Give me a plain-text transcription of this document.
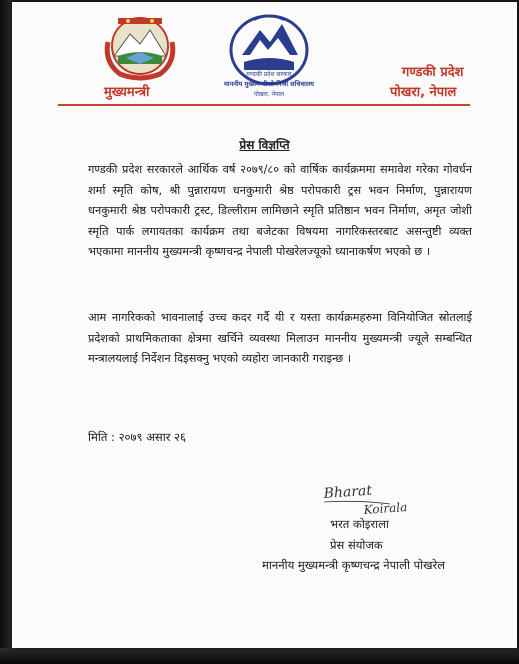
गण्डकी प्रदेश सरकार
माननीय मुख्यमन्त्रीको निजी सचिवालय
पोखरा, नेपाल
मुख्यमन्त्री
गण्डकी प्रदेश
पोखरा, नेपाल
प्रेस विज्ञप्ति
गण्डकी प्रदेश सरकारले आर्थिक वर्ष २०७९/८० को वार्षिक कार्यक्रममा समावेश गरेका गोवर्धन शर्मा स्मृति कोष, श्री पुन्नारायण धनकुमारी श्रेष्ठ परोपकारी ट्रस भवन निर्माण, पुन्नारायण धनकुमारी श्रेष्ठ परोपकारी ट्रस्ट, डिल्लीराम लामिछाने स्मृति प्रतिष्ठान भवन निर्माण, अमृत जोशी स्मृति पार्क लगायतका कार्यक्रम तथा बजेटका विषयमा नागरिकस्तरबाट असन्तुष्टी व्यक्त भएकामा माननीय मुख्यमन्त्री कृष्णचन्द्र नेपाली पोखरेलज्यूको ध्यानाकर्षण भएको छ ।
आम नागरिकको भावनालाई उच्च कदर गर्दै यी र यस्ता कार्यक्रमहरुमा विनियोजित स्रोतलाई प्रदेशको प्राथमिकताका क्षेत्रमा खर्चिने व्यवस्था मिलाउन माननीय मुख्यमन्त्री ज्यूले सम्बन्धित मन्त्रालयलाई निर्देशन दिइसक्नु भएको व्यहोरा जानकारी गराइन्छ ।
मिति : २०७९ असार २६
Bharat
Koirala
भरत कोइराला
प्रेस संयोजक
माननीय मुख्यमन्त्री कृष्णचन्द्र नेपाली पोखरेल
